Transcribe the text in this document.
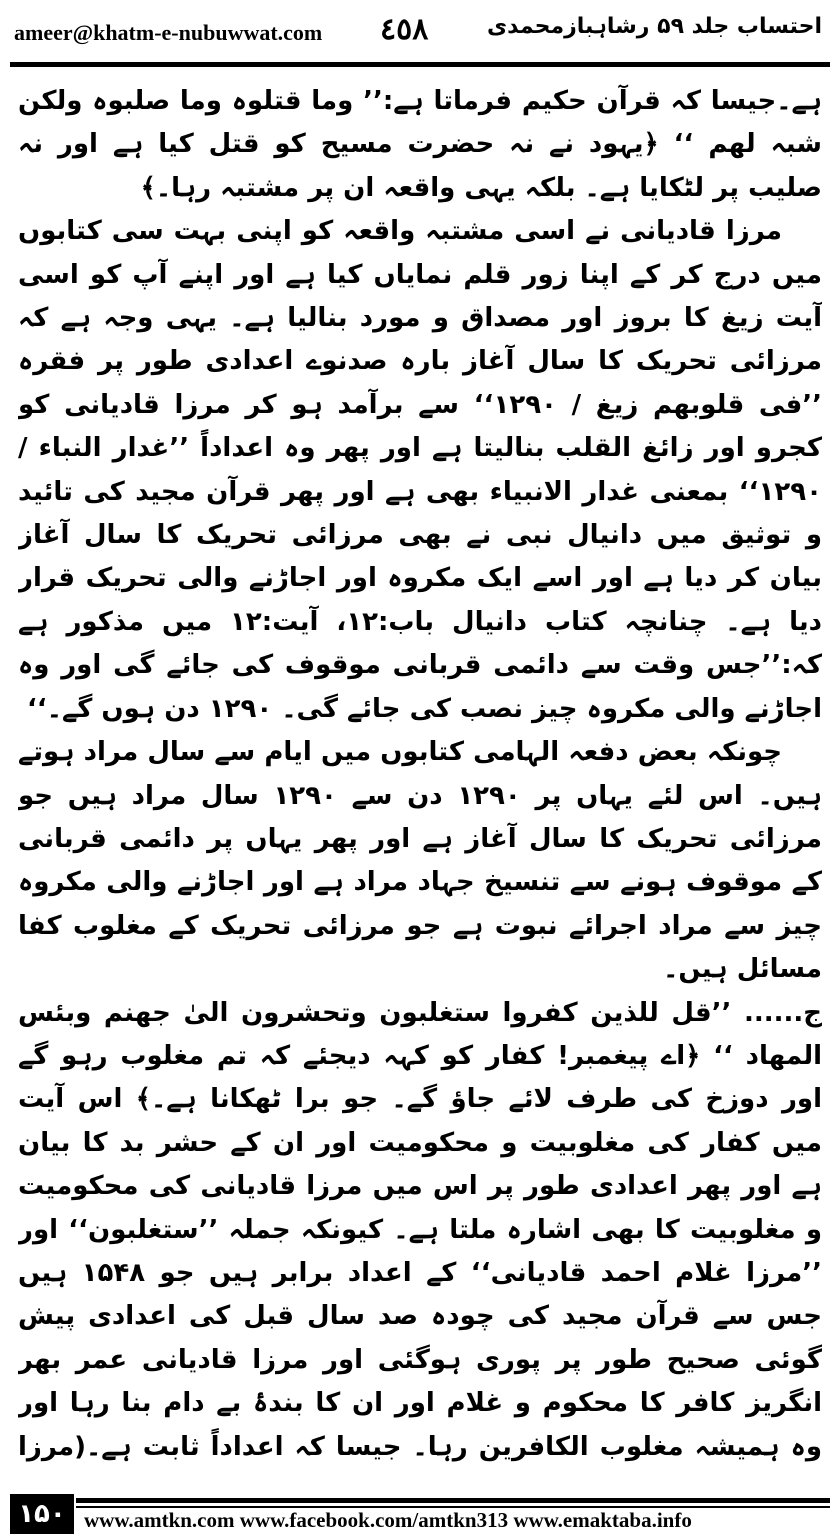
ameer@khatm-e-nubuwwat.com ٤٥٨	احتساب جلد ۵۹ رشاہبازمحمدی

ہے۔جیسا کہ قرآن حکیم فرماتا ہے:’’ وما قتلوہ وما صلبوہ ولکن شبہ لهم ‘‘ ﴿یہود نے نہ حضرت مسیح کو قتل کیا ہے اور نہ صلیب پر لٹکایا ہے۔ بلکہ یہی واقعہ ان پر مشتبہ رہا۔﴾

مرزا قادیانی نے اسی مشتبہ واقعہ کو اپنی بہت سی کتابوں میں درج کر کے اپنا زور قلم نمایاں کیا ہے اور اپنے آپ کو اسی آیت زیغ کا بروز اور مصداق و مورد بنالیا ہے۔ یہی وجہ ہے کہ مرزائی تحریک کا سال آغاز بارہ صدنوے اعدادی طور پر فقرہ ’’فی قلوبھم زیغ / ۱۲۹۰‘‘ سے برآمد ہو کر مرزا قادیانی کو کجرو اور زائغ القلب بنالیتا ہے اور پھر وہ اعداداً ’’غدار النباء / ۱۲۹۰‘‘ بمعنی غدار الانبیاء بھی ہے اور پھر قرآن مجید کی تائید و توثیق میں دانیال نبی نے بھی مرزائی تحریک کا سال آغاز بیان کر دیا ہے اور اسے ایک مکروہ اور اجاڑنے والی تحریک قرار دیا ہے۔ چنانچہ کتاب دانیال باب:۱۲، آیت:۱۲ میں مذکور ہے کہ:’’جس وقت سے دائمی قربانی موقوف کی جائے گی اور وہ اجاڑنے والی مکروہ چیز نصب کی جائے گی۔ ۱۲۹۰ دن ہوں گے۔‘‘

چونکہ بعض دفعہ الہامی کتابوں میں ایام سے سال مراد ہوتے ہیں۔ اس لئے یہاں پر ۱۲۹۰ دن سے ۱۲۹۰ سال مراد ہیں جو مرزائی تحریک کا سال آغاز ہے اور پھر یہاں پر دائمی قربانی کے موقوف ہونے سے تنسیخ جہاد مراد ہے اور اجاڑنے والی مکروہ چیز سے مراد اجرائے نبوت ہے جو مرزائی تحریک کے مغلوب کفا مسائل ہیں۔

ج...... ’’قل للذین کفروا ستغلبون وتحشرون الیٰ جهنم وبئس المهاد ‘‘ ﴿اے پیغمبر! کفار کو کہہ دیجئے کہ تم مغلوب رہو گے اور دوزخ کی طرف لائے جاؤ گے۔ جو برا ٹھکانا ہے۔﴾ اس آیت میں کفار کی مغلوبیت و محکومیت اور ان کے حشر بد کا بیان ہے اور پھر اعدادی طور پر اس میں مرزا قادیانی کی محکومیت و مغلوبیت کا بھی اشارہ ملتا ہے۔ کیونکہ جملہ ’’ستغلبون‘‘ اور ’’مرزا غلام احمد قادیانی‘‘ کے اعداد برابر ہیں جو ۱۵۴۸ ہیں جس سے قرآن مجید کی چودہ صد سال قبل کی اعدادی پیش گوئی صحیح طور پر پوری ہوگئی اور مرزا قادیانی عمر بھر انگریز کافر کا محکوم و غلام اور ان کا بندۂ بے دام بنا رہا اور وہ ہمیشہ مغلوب الکافرین رہا۔ جیسا کہ اعداداً ثابت ہے۔(مرزا

۱۵۰ www.amtkn.com www.facebook.com/amtkn313 www.emaktaba.info
